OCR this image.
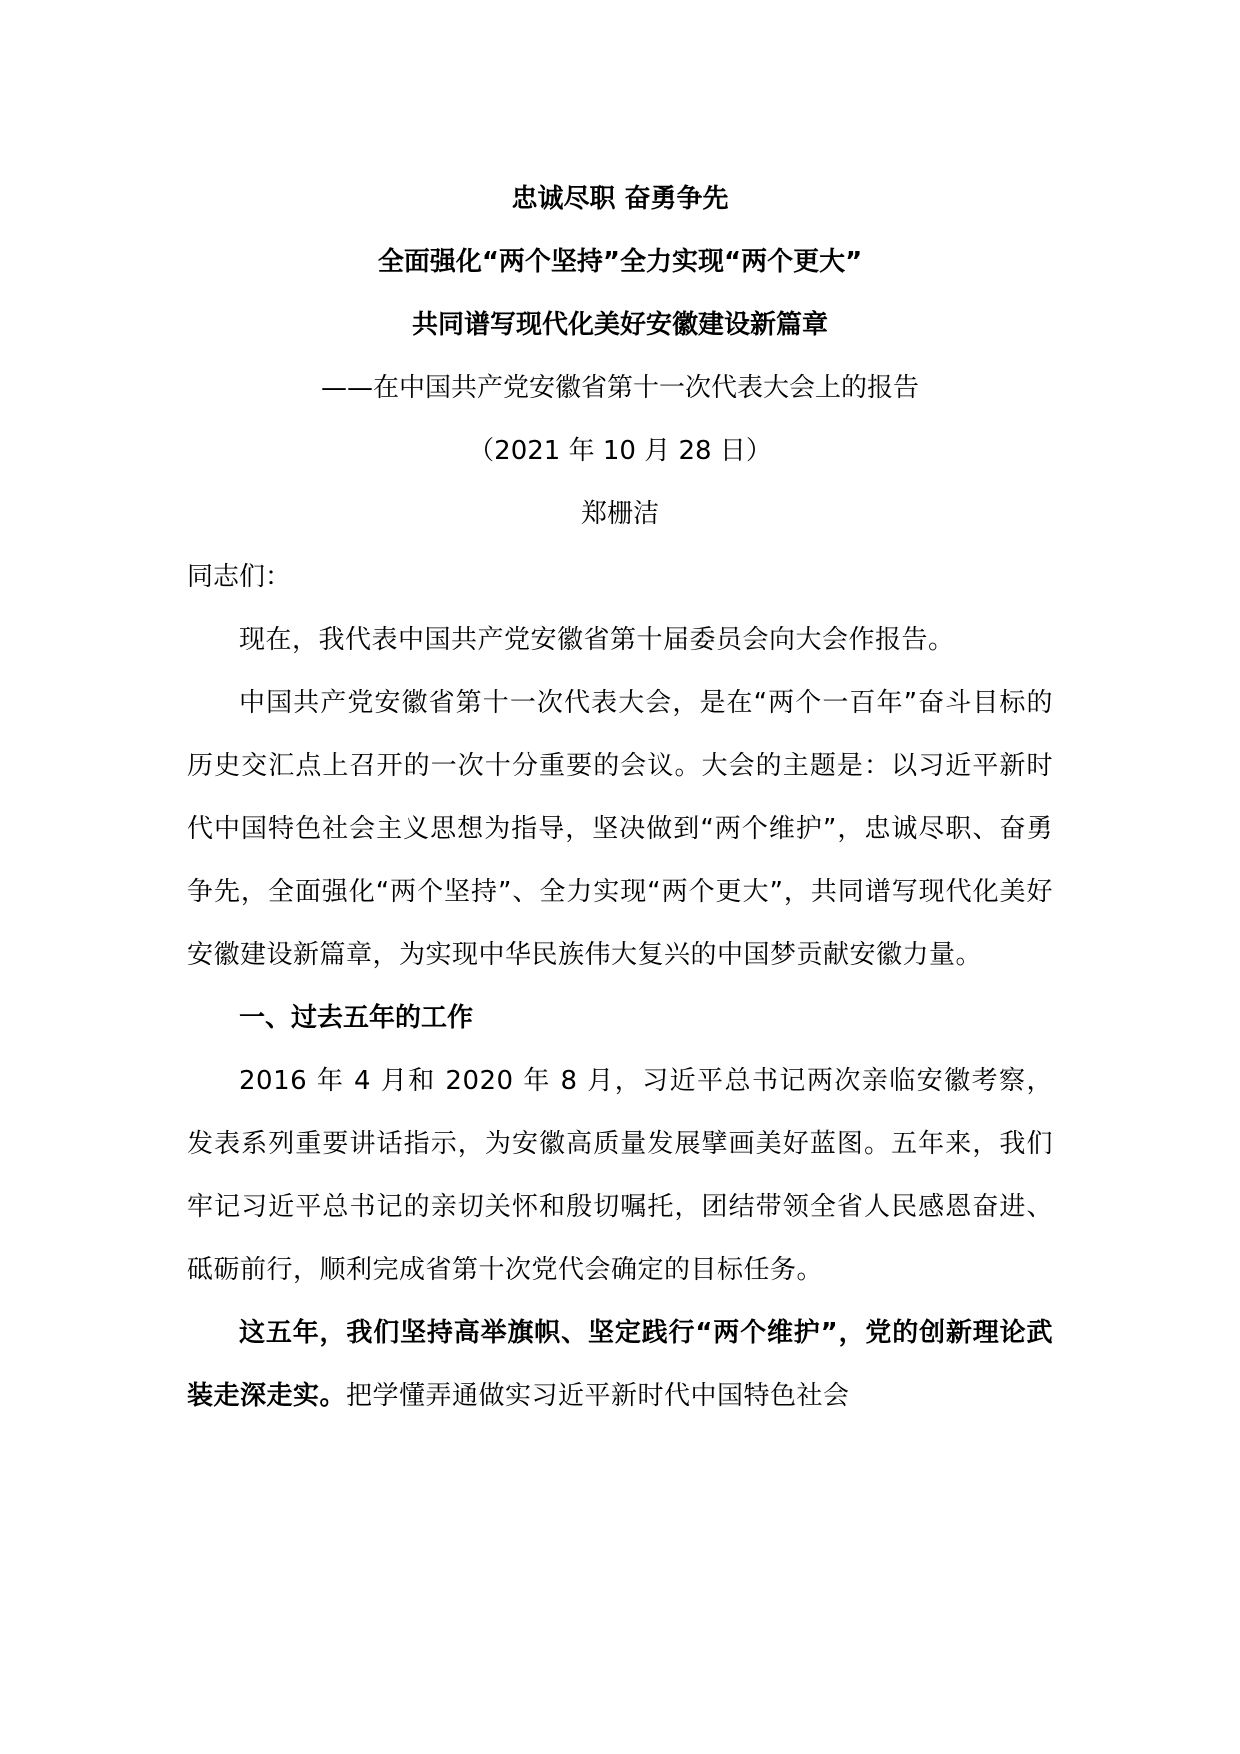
忠诚尽职 奋勇争先

全面强化“两个坚持”全力实现“两个更大”

共同谱写现代化美好安徽建设新篇章

——在中国共产党安徽省第十一次代表大会上的报告

（2021 年 10 月 28 日）

郑栅洁

同志们：

现在，我代表中国共产党安徽省第十届委员会向大会作报告。

中国共产党安徽省第十一次代表大会，是在“两个一百年”奋斗目标的历史交汇点上召开的一次十分重要的会议。大会的主题是：以习近平新时代中国特色社会主义思想为指导，坚决做到“两个维护”，忠诚尽职、奋勇争先，全面强化“两个坚持”、全力实现“两个更大”，共同谱写现代化美好安徽建设新篇章，为实现中华民族伟大复兴的中国梦贡献安徽力量。

一、过去五年的工作

2016 年 4 月和 2020 年 8 月，习近平总书记两次亲临安徽考察，发表系列重要讲话指示，为安徽高质量发展擘画美好蓝图。五年来，我们牢记习近平总书记的亲切关怀和殷切嘱托，团结带领全省人民感恩奋进、砥砺前行，顺利完成省第十次党代会确定的目标任务。

这五年，我们坚持高举旗帜、坚定践行“两个维护”，党的创新理论武装走深走实。把学懂弄通做实习近平新时代中国特色社会
